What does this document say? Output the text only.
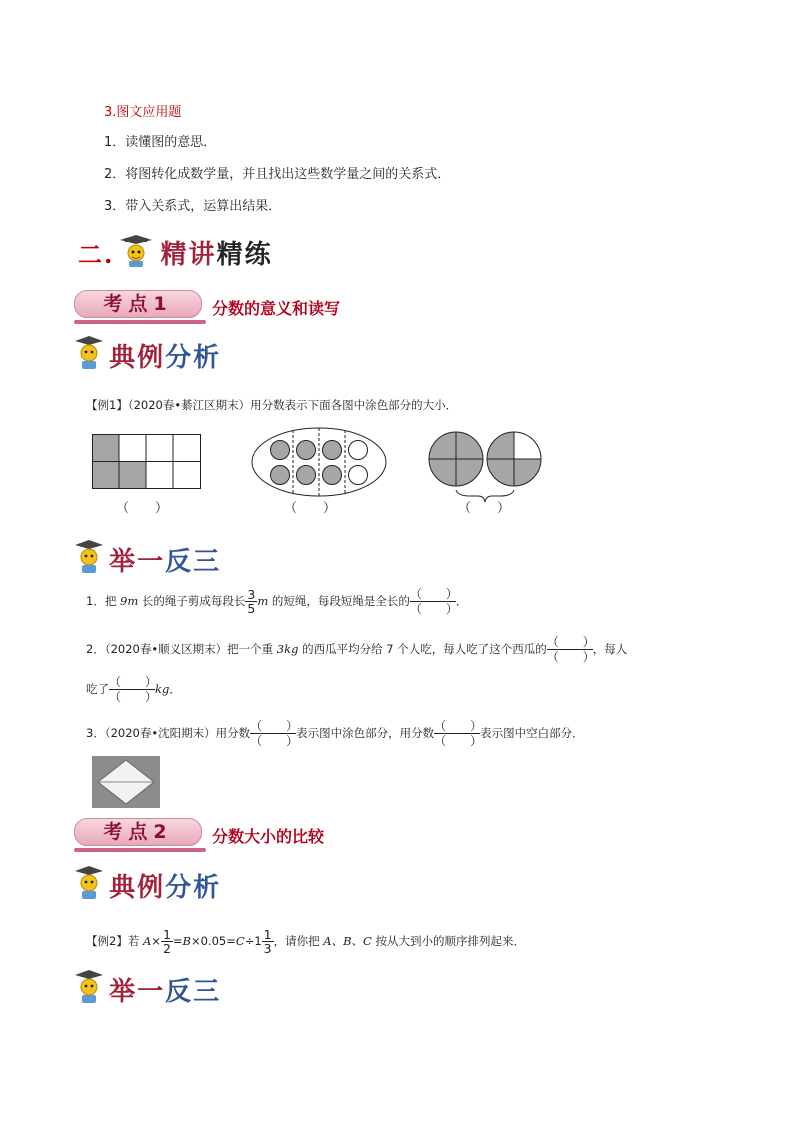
3.图文应用题
1．读懂图的意思．
2．将图转化成数学量，并且找出这些数学量之间的关系式．
3．带入关系式，运算出结果．
二. 精讲精练
考点1	分数的意义和读写
典例分析
【例1】（2020春•綦江区期末）用分数表示下面各图中涂色部分的大小．
（　　）	（　　）	（　　）
举一反三
1．把 9m 长的绳子剪成每段长 $\frac{3}{5}$ m 的短绳，每段短绳是全长的 $\frac{( )}{( )}$ ．
2．（2020春•顺义区期末）把一个重 3kg 的西瓜平均分给 7 个人吃，每人吃了这个西瓜的 $\frac{( )}{( )}$ ，每人
吃了 $\frac{( )}{( )}$ kg．
3．（2020春•沈阳期末）用分数 $\frac{( )}{( )}$ 表示图中涂色部分，用分数 $\frac{( )}{( )}$ 表示图中空白部分．
考点2	分数大小的比较
典例分析
【例2】若 $A\times \frac{1}{2} =B\times 0.05=C\div 1 \frac{1}{3}$ ，请你把 A、B、C 按从大到小的顺序排列起来．
举一反三
